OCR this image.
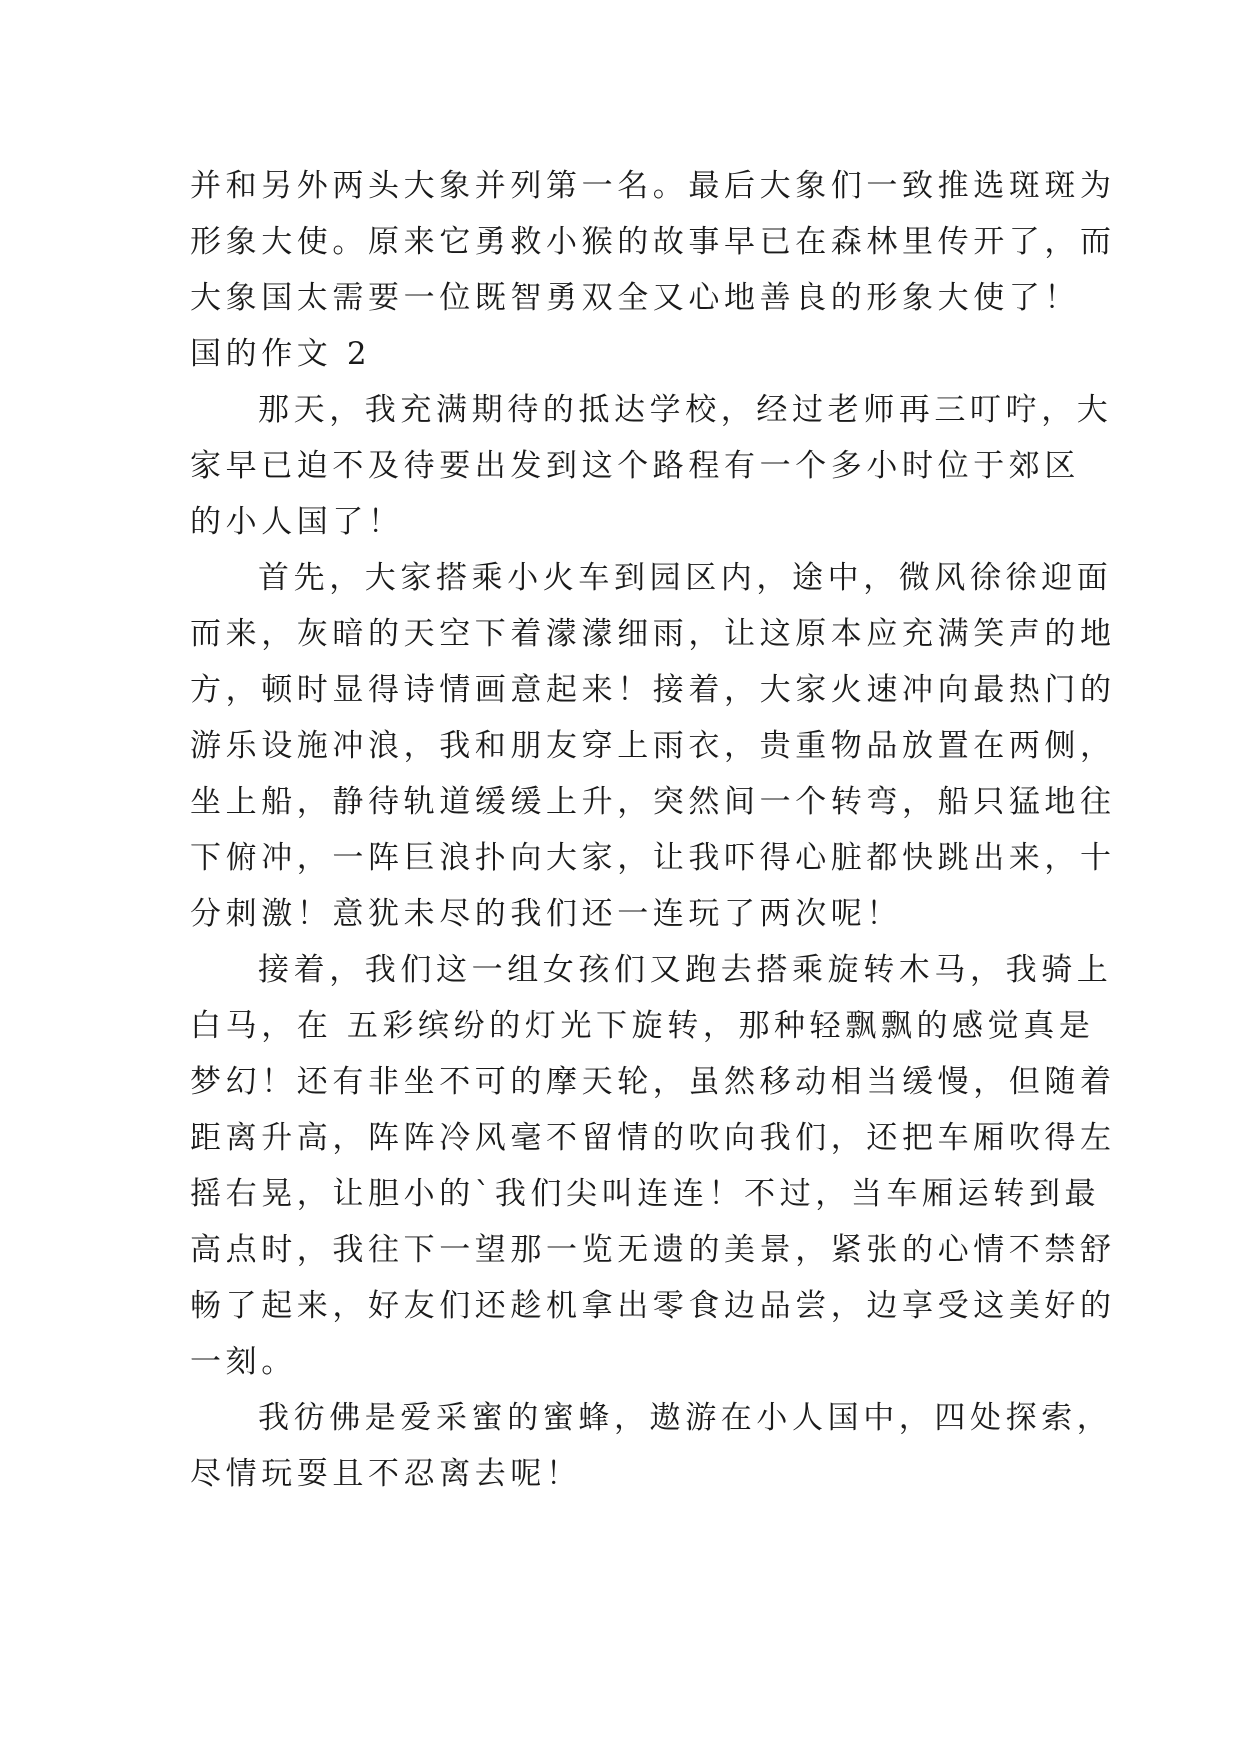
并和另外两头大象并列第一名。最后大象们一致推选斑斑为
形象大使。原来它勇救小猴的故事早已在森林里传开了，而
大象国太需要一位既智勇双全又心地善良的形象大使了！
国的作文 2
那天，我充满期待的抵达学校，经过老师再三叮咛，大
家早已迫不及待要出发到这个路程有一个多小时位于郊区
的小人国了！
首先，大家搭乘小火车到园区内，途中，微风徐徐迎面
而来，灰暗的天空下着濛濛细雨，让这原本应充满笑声的地
方，顿时显得诗情画意起来！接着，大家火速冲向最热门的
游乐设施冲浪，我和朋友穿上雨衣，贵重物品放置在两侧，
坐上船，静待轨道缓缓上升，突然间一个转弯，船只猛地往
下俯冲，一阵巨浪扑向大家，让我吓得心脏都快跳出来，十
分刺激！意犹未尽的我们还一连玩了两次呢！
接着，我们这一组女孩们又跑去搭乘旋转木马，我骑上
白马，在 五彩缤纷的灯光下旋转，那种轻飘飘的感觉真是
梦幻！还有非坐不可的摩天轮，虽然移动相当缓慢，但随着
距离升高，阵阵冷风毫不留情的吹向我们，还把车厢吹得左
摇右晃，让胆小的`我们尖叫连连！不过，当车厢运转到最
高点时，我往下一望那一览无遗的美景，紧张的心情不禁舒
畅了起来，好友们还趁机拿出零食边品尝，边享受这美好的
一刻。
我彷佛是爱采蜜的蜜蜂，遨游在小人国中，四处探索，
尽情玩耍且不忍离去呢！
